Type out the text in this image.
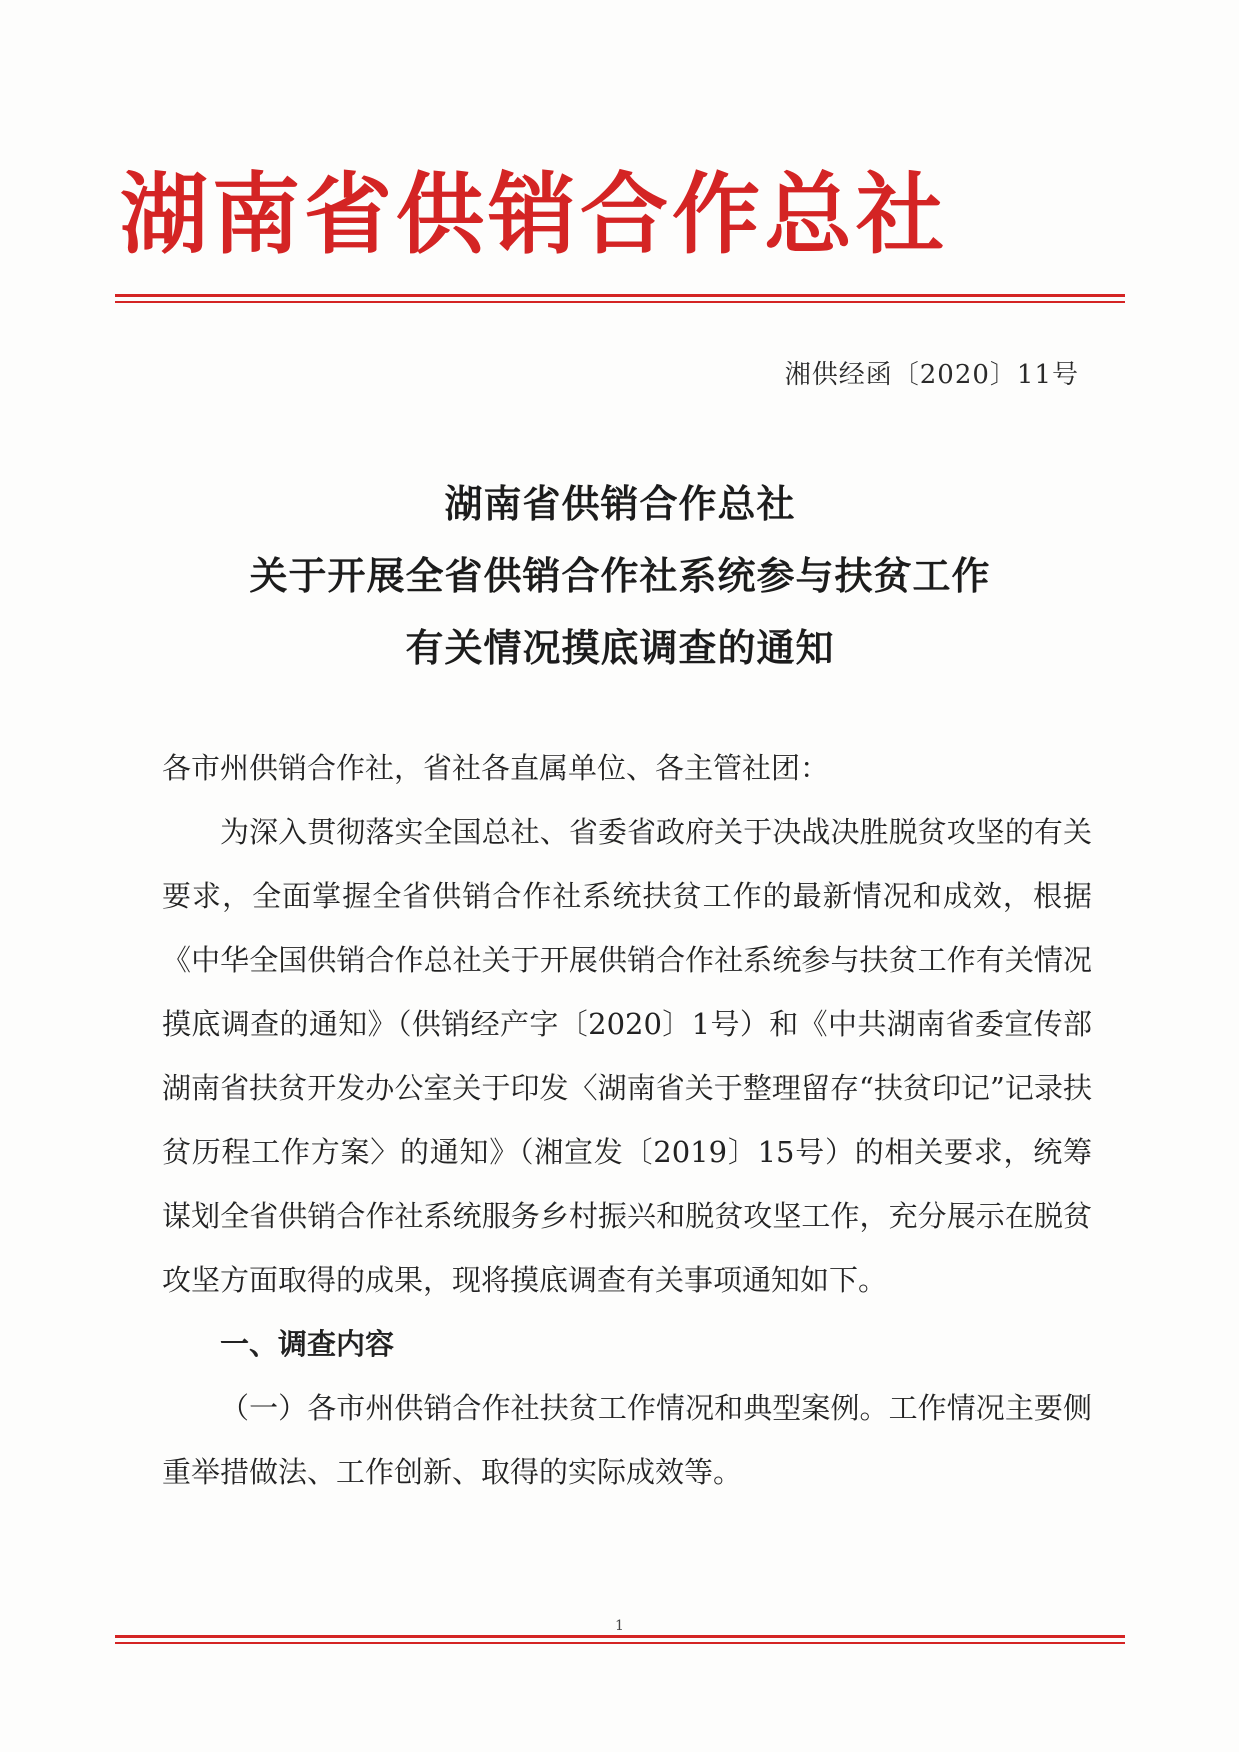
湖南省供销合作总社
湘供经函〔2020〕11号
湖南省供销合作总社
关于开展全省供销合作社系统参与扶贫工作
有关情况摸底调查的通知

各市州供销合作社，省社各直属单位、各主管社团：

为深入贯彻落实全国总社、省委省政府关于决战决胜脱贫攻坚的有关要求，全面掌握全省供销合作社系统扶贫工作的最新情况和成效，根据《中华全国供销合作总社关于开展供销合作社系统参与扶贫工作有关情况摸底调查的通知》（供销经产字〔2020〕1号）和《中共湖南省委宣传部 湖南省扶贫开发办公室关于印发〈湖南省关于整理留存“扶贫印记”记录扶贫历程工作方案〉的通知》（湘宣发〔2019〕15号）的相关要求，统筹谋划全省供销合作社系统服务乡村振兴和脱贫攻坚工作，充分展示在脱贫攻坚方面取得的成果，现将摸底调查有关事项通知如下。

一、调查内容

（一）各市州供销合作社扶贫工作情况和典型案例。工作情况主要侧重举措做法、工作创新、取得的实际成效等。

1
